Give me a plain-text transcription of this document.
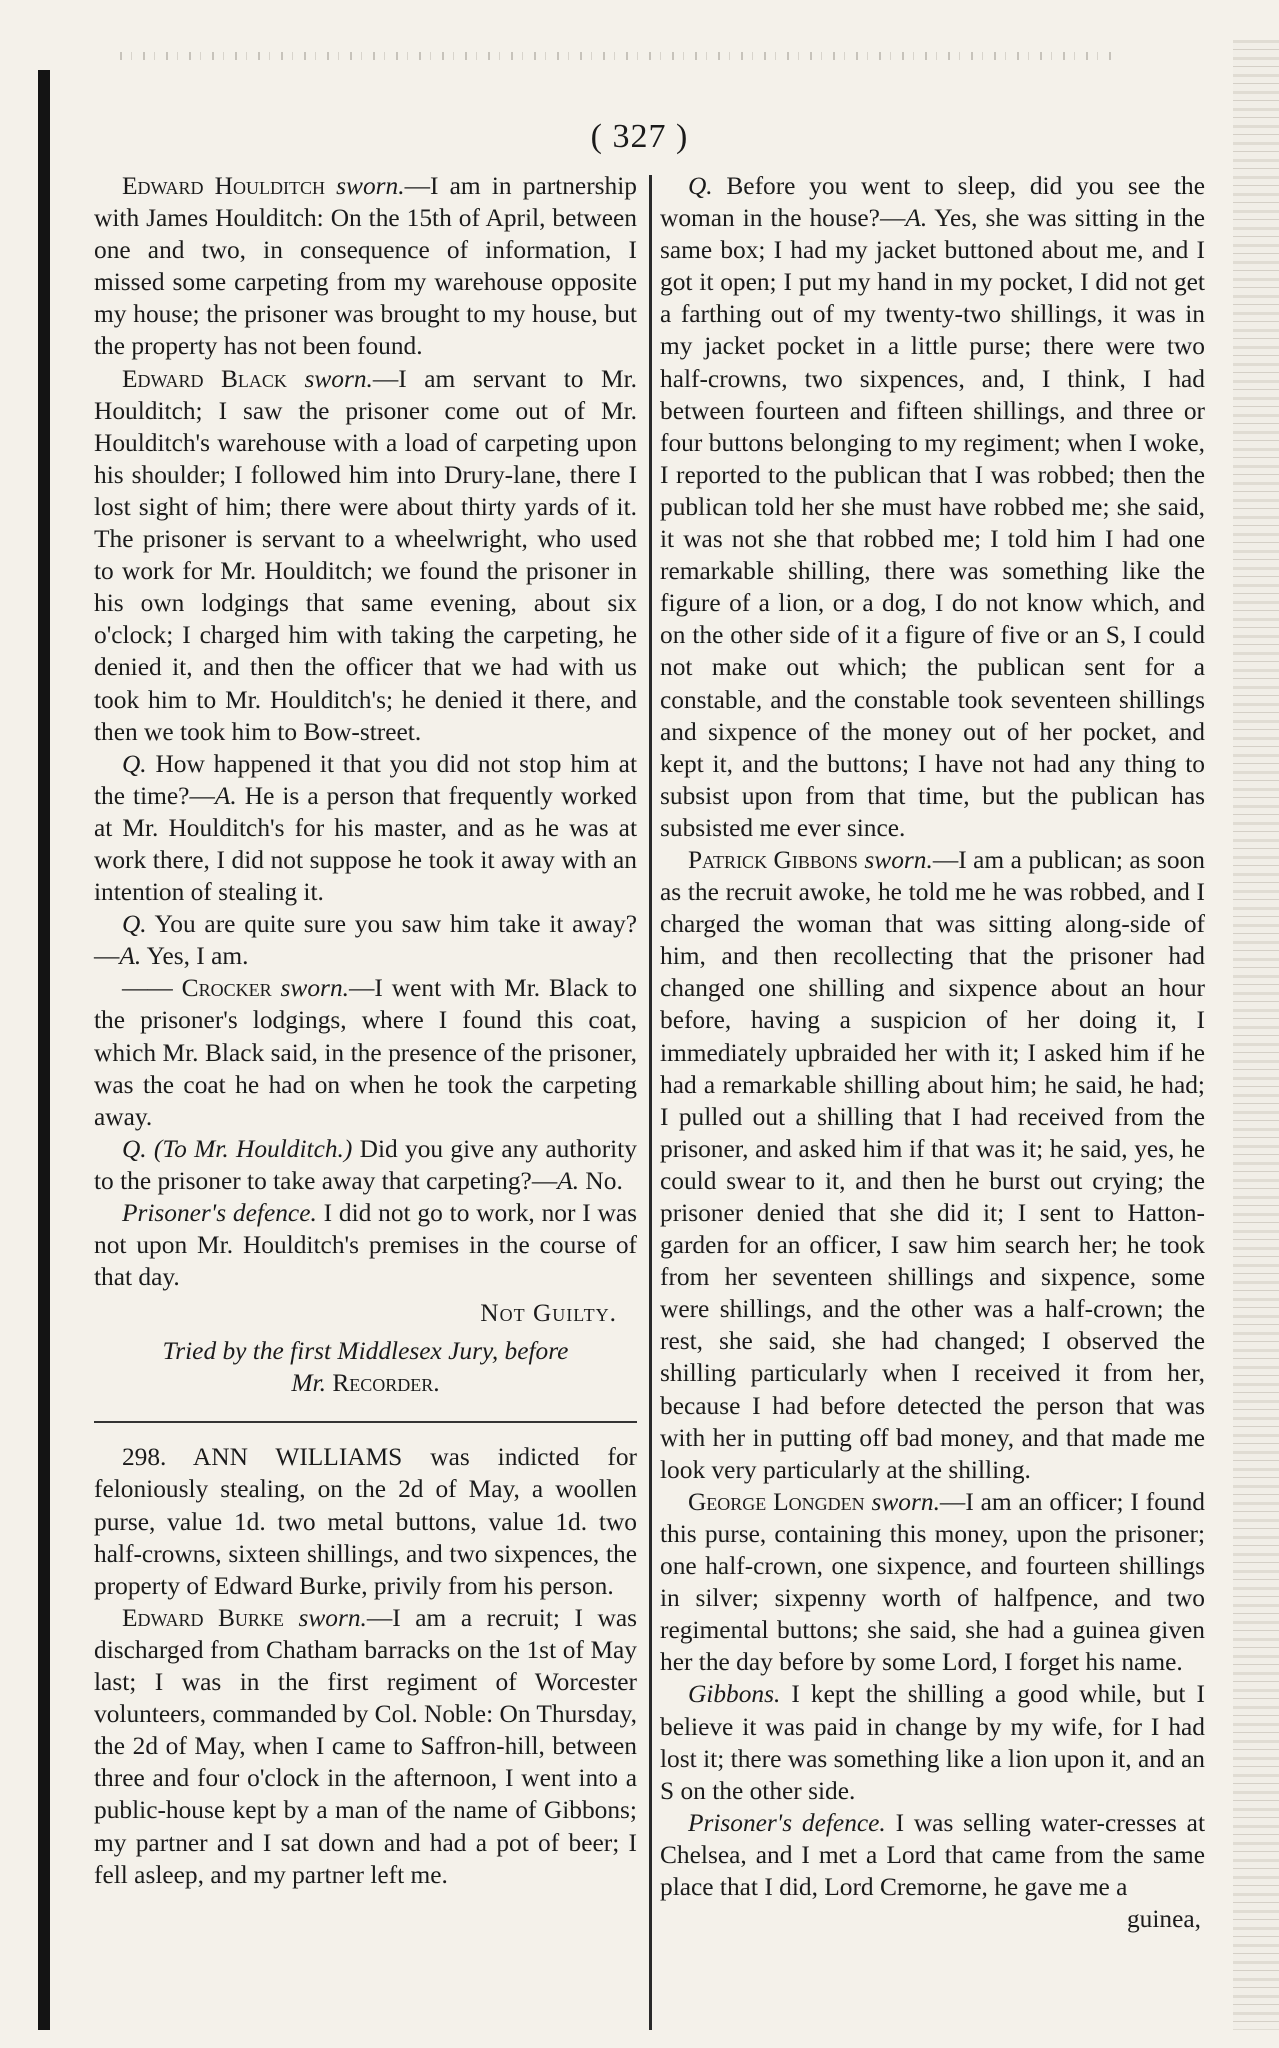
( 327 )

Edward Houlditch sworn.—I am in partnership with James Houlditch: On the 15th of April, between one and two, in consequence of information, I missed some carpeting from my warehouse opposite my house; the prisoner was brought to my house, but the property has not been found.

Edward Black sworn.—I am servant to Mr. Houlditch; I saw the prisoner come out of Mr. Houlditch's warehouse with a load of carpeting upon his shoulder; I followed him into Drury-lane, there I lost sight of him; there were about thirty yards of it. The prisoner is servant to a wheelwright, who used to work for Mr. Houlditch; we found the prisoner in his own lodgings that same evening, about six o'clock; I charged him with taking the carpeting, he denied it, and then the officer that we had with us took him to Mr. Houlditch's; he denied it there, and then we took him to Bow-street.

Q. How happened it that you did not stop him at the time?—A. He is a person that frequently worked at Mr. Houlditch's for his master, and as he was at work there, I did not suppose he took it away with an intention of stealing it.

Q. You are quite sure you saw him take it away?—A. Yes, I am.

—— Crocker sworn.—I went with Mr. Black to the prisoner's lodgings, where I found this coat, which Mr. Black said, in the presence of the prisoner, was the coat he had on when he took the carpeting away.

Q. (To Mr. Houlditch.) Did you give any authority to the prisoner to take away that carpeting?—A. No.

Prisoner's defence. I did not go to work, nor I was not upon Mr. Houlditch's premises in the course of that day.

Not Guilty.

Tried by the first Middlesex Jury, before
Mr. Recorder.

298. ANN WILLIAMS was indicted for feloniously stealing, on the 2d of May, a woollen purse, value 1d. two metal buttons, value 1d. two half-crowns, sixteen shillings, and two sixpences, the property of Edward Burke, privily from his person.

Edward Burke sworn.—I am a recruit; I was discharged from Chatham barracks on the 1st of May last; I was in the first regiment of Worcester volunteers, commanded by Col. Noble: On Thursday, the 2d of May, when I came to Saffron-hill, between three and four o'clock in the afternoon, I went into a public-house kept by a man of the name of Gibbons; my partner and I sat down and had a pot of beer; I fell asleep, and my partner left me.

Q. Before you went to sleep, did you see the woman in the house?—A. Yes, she was sitting in the same box; I had my jacket buttoned about me, and I got it open; I put my hand in my pocket, I did not get a farthing out of my twenty-two shillings, it was in my jacket pocket in a little purse; there were two half-crowns, two sixpences, and, I think, I had between fourteen and fifteen shillings, and three or four buttons belonging to my regiment; when I woke, I reported to the publican that I was robbed; then the publican told her she must have robbed me; she said, it was not she that robbed me; I told him I had one remarkable shilling, there was something like the figure of a lion, or a dog, I do not know which, and on the other side of it a figure of five or an S, I could not make out which; the publican sent for a constable, and the constable took seventeen shillings and sixpence of the money out of her pocket, and kept it, and the buttons; I have not had any thing to subsist upon from that time, but the publican has subsisted me ever since.

Patrick Gibbons sworn.—I am a publican; as soon as the recruit awoke, he told me he was robbed, and I charged the woman that was sitting along-side of him, and then recollecting that the prisoner had changed one shilling and sixpence about an hour before, having a suspicion of her doing it, I immediately upbraided her with it; I asked him if he had a remarkable shilling about him; he said, he had; I pulled out a shilling that I had received from the prisoner, and asked him if that was it; he said, yes, he could swear to it, and then he burst out crying; the prisoner denied that she did it; I sent to Hatton-garden for an officer, I saw him search her; he took from her seventeen shillings and sixpence, some were shillings, and the other was a half-crown; the rest, she said, she had changed; I observed the shilling particularly when I received it from her, because I had before detected the person that was with her in putting off bad money, and that made me look very particularly at the shilling.

George Longden sworn.—I am an officer; I found this purse, containing this money, upon the prisoner; one half-crown, one sixpence, and fourteen shillings in silver; sixpenny worth of halfpence, and two regimental buttons; she said, she had a guinea given her the day before by some Lord, I forget his name.

Gibbons. I kept the shilling a good while, but I believe it was paid in change by my wife, for I had lost it; there was something like a lion upon it, and an S on the other side.

Prisoner's defence. I was selling water-cresses at Chelsea, and I met a Lord that came from the same place that I did, Lord Cremorne, he gave me a

guinea,
